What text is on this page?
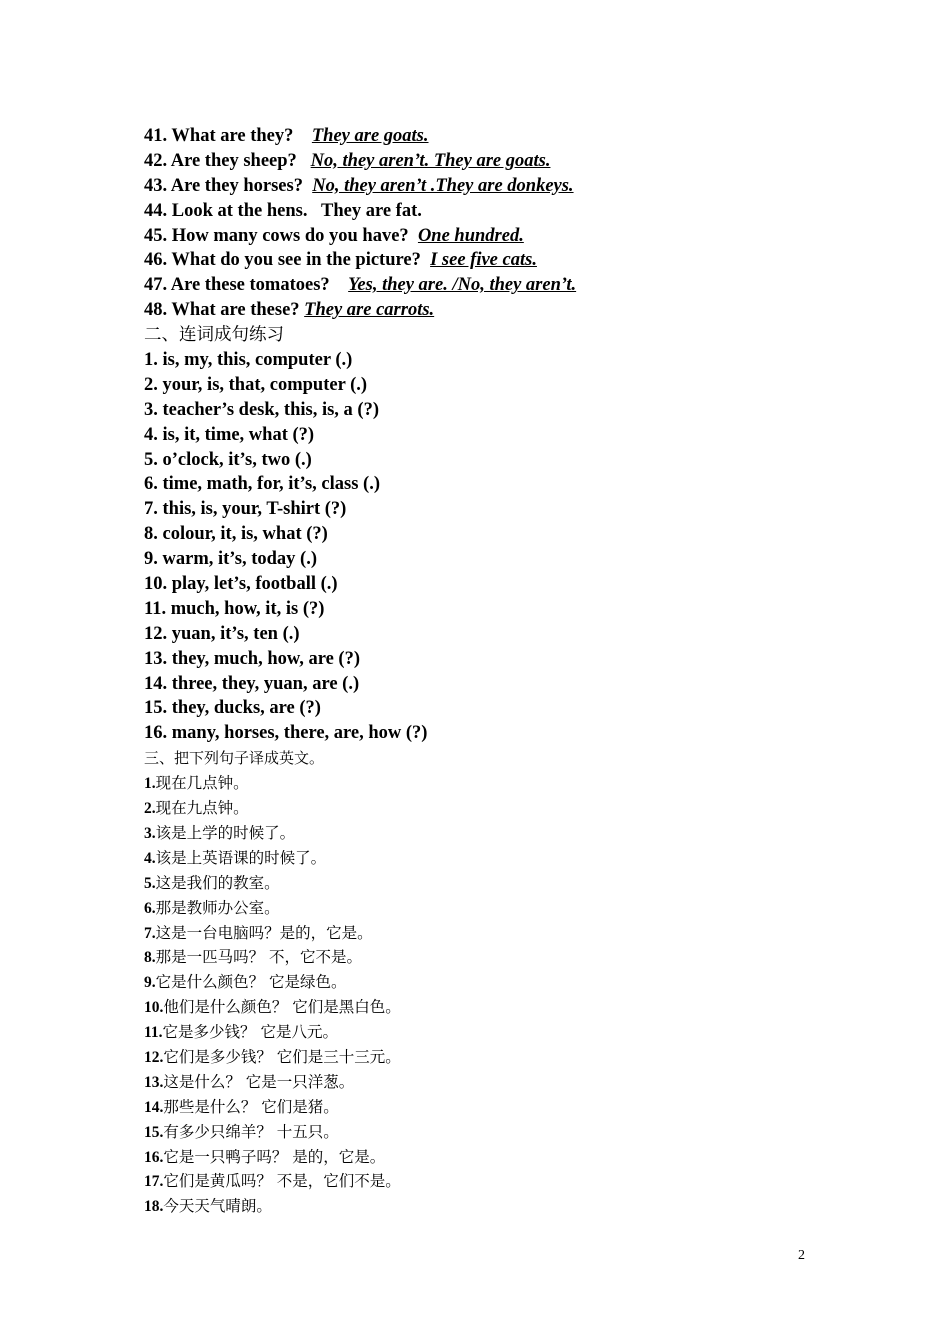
41. What are they? They are goats.
42. Are they sheep? No, they aren’t. They are goats.
43. Are they horses? No, they aren’t .They are donkeys.
44. Look at the hens.   They are fat.
45. How many cows do you have? One hundred.
46. What do you see in the picture? I see five cats.
47. Are these tomatoes? Yes, they are. /No, they aren’t.
48. What are these? They are carrots.
二、连词成句练习
1. is, my, this, computer (.)
2. your, is, that, computer (.)
3. teacher’s desk, this, is, a (?)
4. is, it, time, what (?)
5. o’clock, it’s, two (.)
6. time, math, for, it’s, class (.)
7. this, is, your, T-shirt (?)
8. colour, it, is, what (?)
9. warm, it’s, today (.)
10. play, let’s, football (.)
11. much, how, it, is (?)
12. yuan, it’s, ten (.)
13. they, much, how, are (?)
14. three, they, yuan, are (.)
15. they, ducks, are (?)
16. many, horses, there, are, how (?)
三、把下列句子译成英文。
1.现在几点钟。
2.现在九点钟。
3.该是上学的时候了。
4.该是上英语课的时候了。
5.这是我们的教室。
6.那是教师办公室。
7.这是一台电脑吗？是的，它是。
8.那是一匹马吗？ 不，它不是。
9.它是什么颜色？ 它是绿色。
10.他们是什么颜色？ 它们是黑白色。
11.它是多少钱？ 它是八元。
12.它们是多少钱？ 它们是三十三元。
13.这是什么？ 它是一只洋葱。
14.那些是什么？ 它们是猪。
15.有多少只绵羊？ 十五只。
16.它是一只鸭子吗？ 是的，它是。
17.它们是黄瓜吗？ 不是，它们不是。
18.今天天气晴朗。
2
